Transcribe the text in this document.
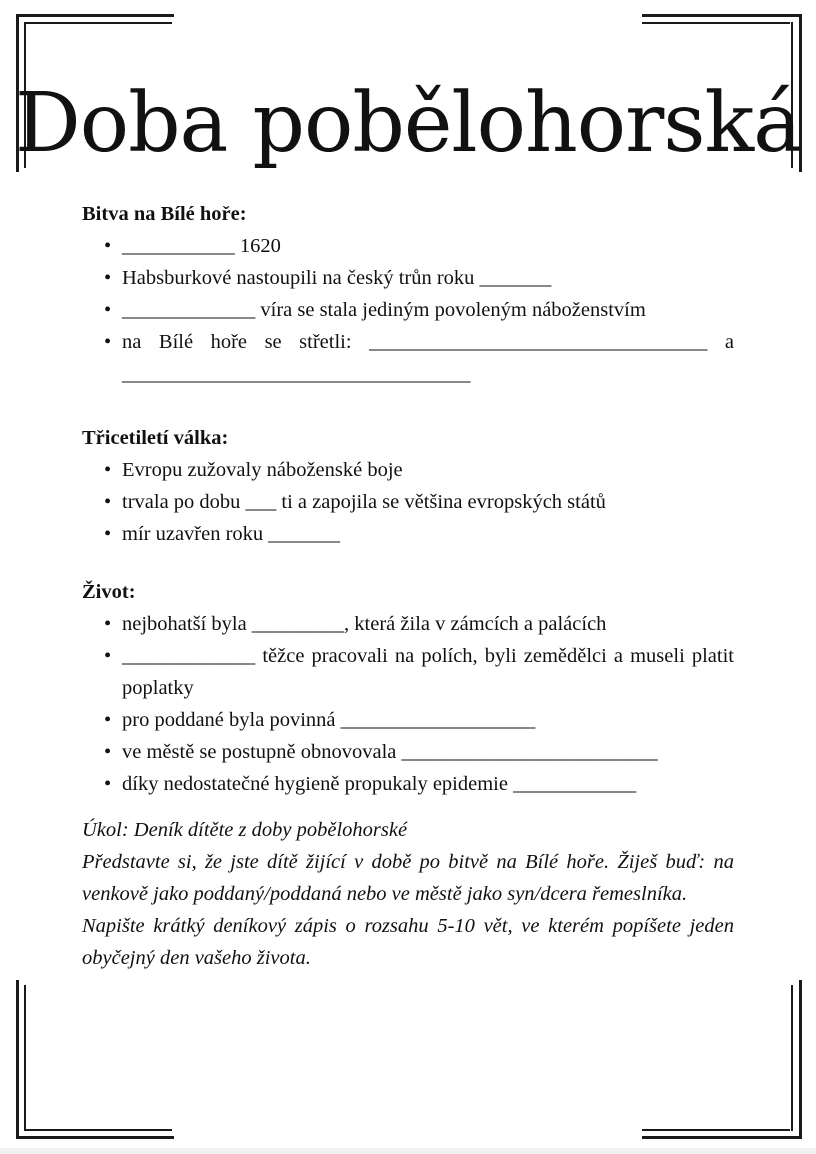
Doba pobělohorská

Bitva na Bílé hoře:

• ___________ 1620
• Habsburkové nastoupili na český trůn roku _______
• _____________ víra se stala jediným povoleným náboženstvím
• na Bílé hoře se střetli: _________________________________ a __________________________________

Třicetiletí válka:

• Evropu zužovaly náboženské boje
• trvala po dobu ___ ti a zapojila se většina evropských států
• mír uzavřen roku _______

Život:

• nejbohatší byla _________, která žila v zámcích a palácích
• _____________ těžce pracovali na polích, byli zemědělci a museli platit poplatky
• pro poddané byla povinná ___________________
• ve městě se postupně obnovovala _________________________
• díky nedostatečné hygieně propukaly epidemie ____________

Úkol: Deník dítěte z doby pobělohorské

Představte si, že jste dítě žijící v době po bitvě na Bílé hoře. Žiješ buď: na venkově jako poddaný/poddaná nebo ve městě jako syn/dcera řemeslníka.

Napište krátký deníkový zápis o rozsahu 5-10 vět, ve kterém popíšete jeden obyčejný den vašeho života.
